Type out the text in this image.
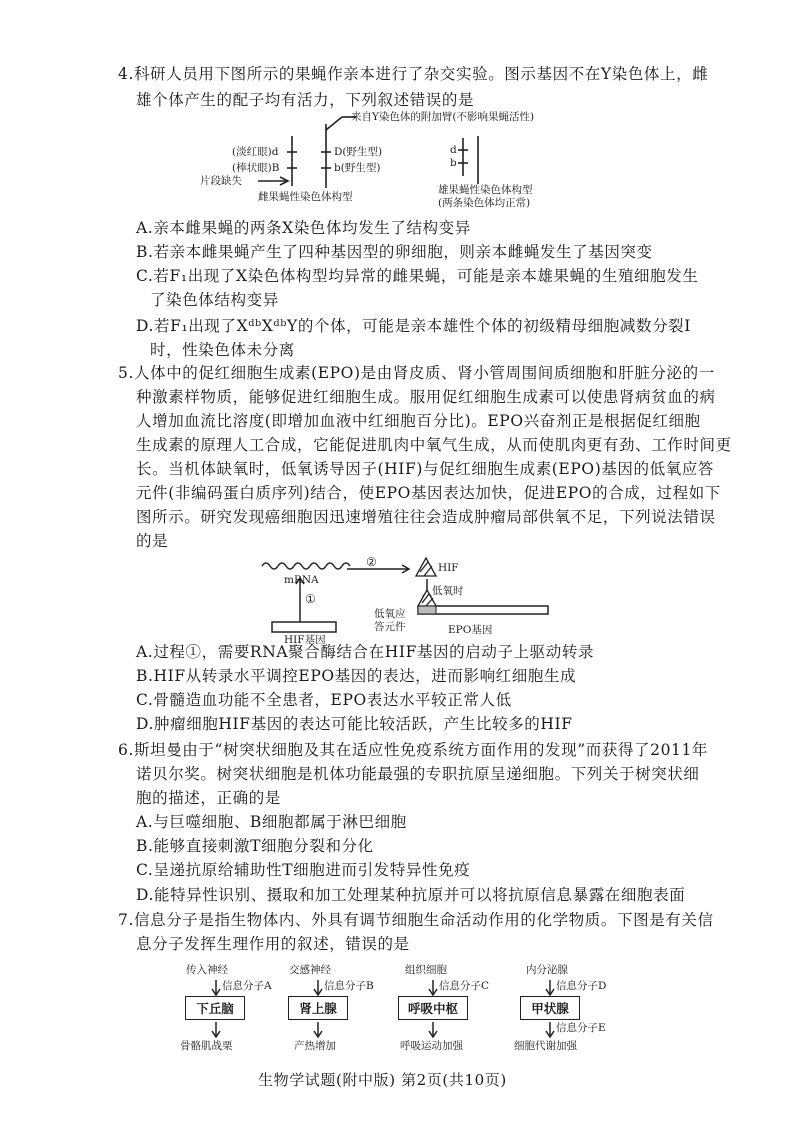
4.科研人员用下图所示的果蝇作亲本进行了杂交实验。图示基因不在Y染色体上，雌
雄个体产生的配子均有活力，下列叙述错误的是
来自Y染色体的附加臂(不影响果蝇活性)
(淡红眼)d
(棒状眼)B
D(野生型)
b(野生型)
片段缺失
雌果蝇性染色体构型
d
b
雄果蝇性染色体构型
(两条染色体均正常)
A.亲本雌果蝇的两条X染色体均发生了结构变异
B.若亲本雌果蝇产生了四种基因型的卵细胞，则亲本雌蝇发生了基因突变
C.若F₁出现了X染色体构型均异常的雌果蝇，可能是亲本雄果蝇的生殖细胞发生
了染色体结构变异
D.若F₁出现了XᵈᵇXᵈᵇY的个体，可能是亲本雄性个体的初级精母细胞减数分裂Ⅰ
时，性染色体未分离
5.人体中的促红细胞生成素(EPO)是由肾皮质、肾小管周围间质细胞和肝脏分泌的一
种激素样物质，能够促进红细胞生成。服用促红细胞生成素可以使患肾病贫血的病
人增加血流比溶度(即增加血液中红细胞百分比)。EPO兴奋剂正是根据促红细胞
生成素的原理人工合成，它能促进肌肉中氧气生成，从而使肌肉更有劲、工作时间更
长。当机体缺氧时，低氧诱导因子(HIF)与促红细胞生成素(EPO)基因的低氧应答
元件(非编码蛋白质序列)结合，使EPO基因表达加快，促进EPO的合成，过程如下
图所示。研究发现癌细胞因迅速增殖往往会造成肿瘤局部供氧不足，下列说法错误
的是
mRNA
①
②	HIF
低氧时
低氧应
答元件
HIF基因
EPO基因
A.过程①，需要RNA聚合酶结合在HIF基因的启动子上驱动转录
B.HIF从转录水平调控EPO基因的表达，进而影响红细胞生成
C.骨髓造血功能不全患者，EPO表达水平较正常人低
D.肿瘤细胞HIF基因的表达可能比较活跃，产生比较多的HIF
6.斯坦曼由于“树突状细胞及其在适应性免疫系统方面作用的发现”而获得了2011年
诺贝尔奖。树突状细胞是机体功能最强的专职抗原呈递细胞。下列关于树突状细
胞的描述，正确的是
A.与巨噬细胞、B细胞都属于淋巴细胞
B.能够直接刺激T细胞分裂和分化
C.呈递抗原给辅助性T细胞进而引发特异性免疫
D.能特异性识别、摄取和加工处理某种抗原并可以将抗原信息暴露在细胞表面
7.信息分子是指生物体内、外具有调节细胞生命活动作用的化学物质。下图是有关信
息分子发挥生理作用的叙述，错误的是
传入神经
信息分子A
下丘脑
骨骼肌战栗
交感神经
信息分子B
肾上腺
产热增加
组织细胞
信息分子C
呼吸中枢
呼吸运动加强
内分泌腺
信息分子D
甲状腺
信息分子E
细胞代谢加强
生物学试题(附中版) 第2页(共10页)
